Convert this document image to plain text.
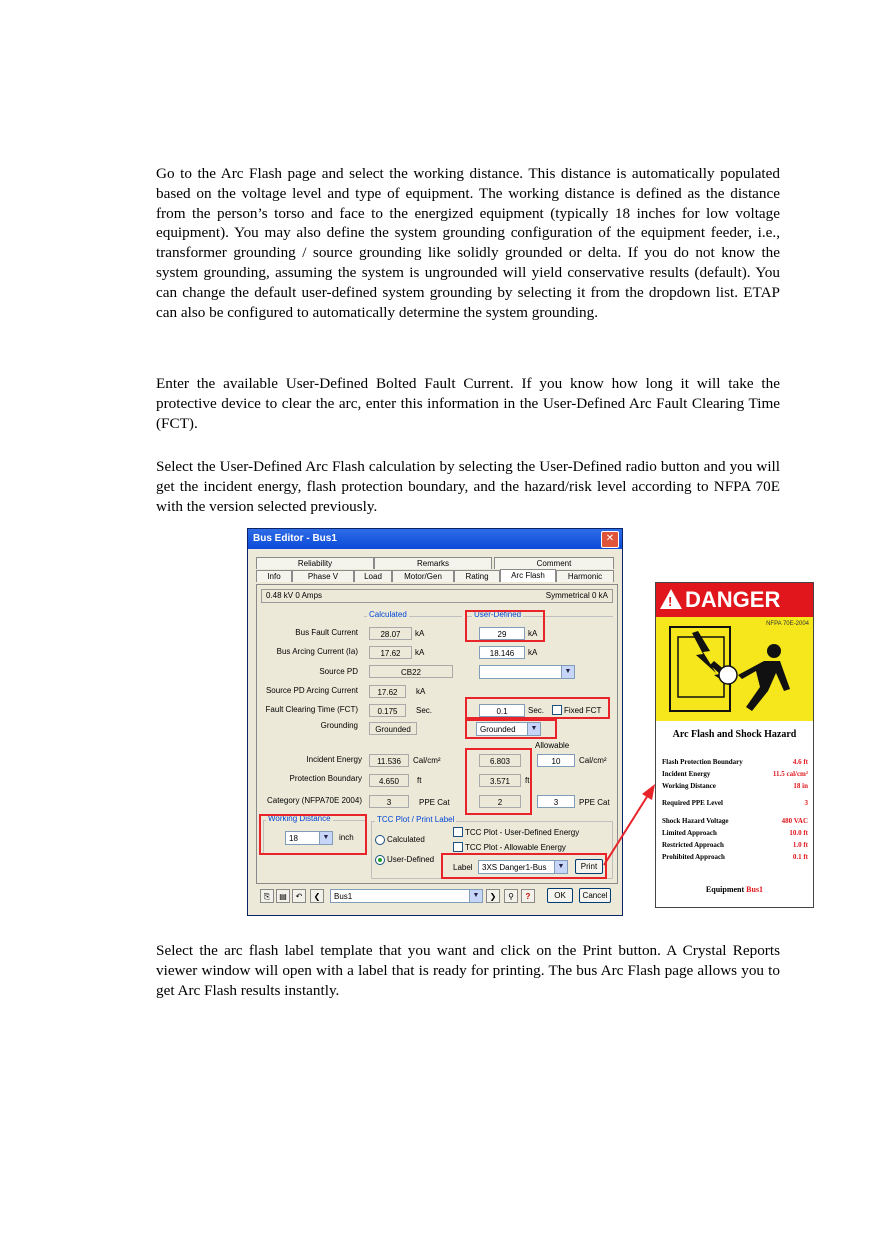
Go to the Arc Flash page and select the working distance. This distance is automatically populated based on the voltage level and type of equipment. The working distance is defined as the distance from the person’s torso and face to the energized equipment (typically 18 inches for low voltage equipment). You may also define the system grounding configuration of the equipment feeder, i.e., transformer grounding / source grounding like solidly grounded or delta. If you do not know the system grounding, assuming the system is ungrounded will yield conservative results (default). You can change the default user-defined system grounding by selecting it from the dropdown list. ETAP can also be configured to automatically determine the system grounding.

Enter the available User-Defined Bolted Fault Current. If you know how long it will take the protective device to clear the arc, enter this information in the User-Defined Arc Fault Clearing Time (FCT).

Select the User-Defined Arc Flash calculation by selecting the User-Defined radio button and you will get the incident energy, flash protection boundary, and the hazard/risk level according to NFPA 70E with the version selected previously.

Bus Editor - Bus1	✕
Reliability	Remarks	Comment
Info	Phase V	Load	Motor/Gen	Rating	Arc Flash	Harmonic
0.48 kV 0 Amps	Symmetrical 0 kA
Calculated	User-Defined
Bus Fault Current	28.07	kA	29	kA
Bus Arcing Current (Ia)	17.62	kA	18.146	kA
Source PD	CB22	▼
Source PD Arcing Current	17.62	kA
Fault Clearing Time (FCT)	0.175	Sec.	0.1	Sec. Fixed FCT
Grounding	Grounded	Grounded	▼
Allowable
Incident Energy	11.536	Cal/cm²	6.803	10	Cal/cm²
Protection Boundary	4.650	ft	3.571	ft
Category (NFPA70E 2004)	3	PPE Cat	2	3	PPE Cat
Working Distance
18	▼	inch
TCC Plot / Print Label
Calculated
User-Defined
TCC Plot - User-Defined Energy
TCC Plot - Allowable Energy
Label	3XS Danger1-Bus	▼	Print
⎘	▤	↶	❮	Bus1	▼	❯	⚲	?	OK	Cancel
! DANGER
NFPA 70E-2004
Arc Flash and Shock Hazard
Flash Protection Boundary	4.6 ft
Incident Energy	11.5 cal/cm²
Working Distance	18 in
Required PPE Level	3
Shock Hazard Voltage	480 VAC
Limited Approach	10.0 ft
Restricted Approach	1.0 ft
Prohibited Approach	0.1 ft
Equipment Bus1

Select the arc flash label template that you want and click on the Print button. A Crystal Reports viewer window will open with a label that is ready for printing. The bus Arc Flash page allows you to get Arc Flash results instantly.
